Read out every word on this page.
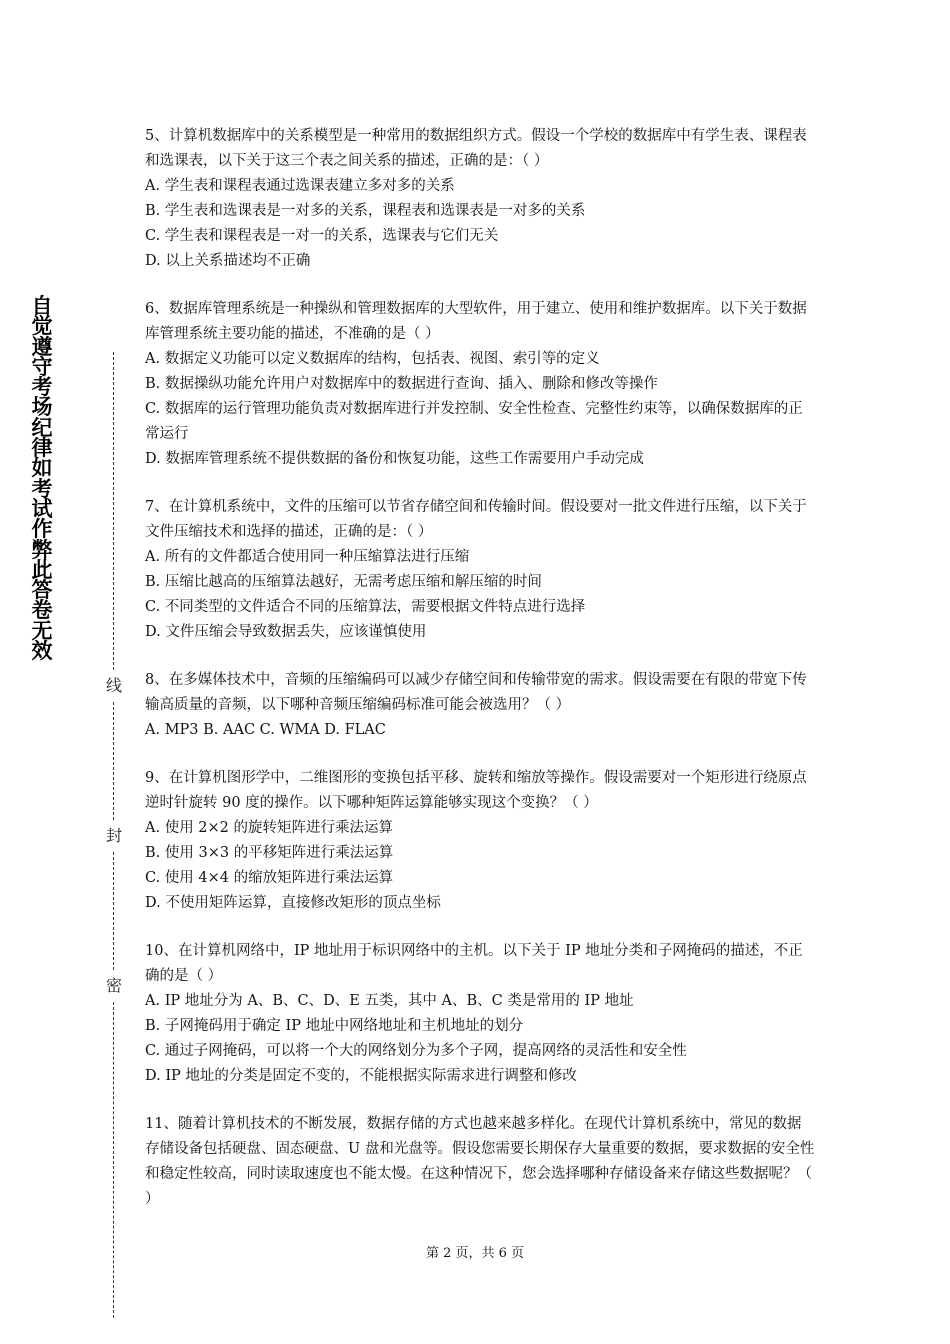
自觉遵守考场纪律如考试作弊此答卷无效
线
封
密

5、计算机数据库中的关系模型是一种常用的数据组织方式。假设一个学校的数据库中有学生表、课程表和选课表，以下关于这三个表之间关系的描述，正确的是：（ ）

A. 学生表和课程表通过选课表建立多对多的关系

B. 学生表和选课表是一对多的关系，课程表和选课表是一对多的关系

C. 学生表和课程表是一对一的关系，选课表与它们无关

D. 以上关系描述均不正确

6、数据库管理系统是一种操纵和管理数据库的大型软件，用于建立、使用和维护数据库。以下关于数据库管理系统主要功能的描述，不准确的是（ ）

A. 数据定义功能可以定义数据库的结构，包括表、视图、索引等的定义

B. 数据操纵功能允许用户对数据库中的数据进行查询、插入、删除和修改等操作

C. 数据库的运行管理功能负责对数据库进行并发控制、安全性检查、完整性约束等，以确保数据库的正常运行

D. 数据库管理系统不提供数据的备份和恢复功能，这些工作需要用户手动完成

7、在计算机系统中，文件的压缩可以节省存储空间和传输时间。假设要对一批文件进行压缩，以下关于文件压缩技术和选择的描述，正确的是：（ ）

A. 所有的文件都适合使用同一种压缩算法进行压缩

B. 压缩比越高的压缩算法越好，无需考虑压缩和解压缩的时间

C. 不同类型的文件适合不同的压缩算法，需要根据文件特点进行选择

D. 文件压缩会导致数据丢失，应该谨慎使用

8、在多媒体技术中，音频的压缩编码可以减少存储空间和传输带宽的需求。假设需要在有限的带宽下传输高质量的音频，以下哪种音频压缩编码标准可能会被选用？（ ）

A. MP3 B. AAC C. WMA D. FLAC

9、在计算机图形学中，二维图形的变换包括平移、旋转和缩放等操作。假设需要对一个矩形进行绕原点逆时针旋转 90 度的操作。以下哪种矩阵运算能够实现这个变换？（ ）

A. 使用 2×2 的旋转矩阵进行乘法运算

B. 使用 3×3 的平移矩阵进行乘法运算

C. 使用 4×4 的缩放矩阵进行乘法运算

D. 不使用矩阵运算，直接修改矩形的顶点坐标

10、在计算机网络中，IP 地址用于标识网络中的主机。以下关于 IP 地址分类和子网掩码的描述，不正确的是（ ）

A. IP 地址分为 A、B、C、D、E 五类，其中 A、B、C 类是常用的 IP 地址

B. 子网掩码用于确定 IP 地址中网络地址和主机地址的划分

C. 通过子网掩码，可以将一个大的网络划分为多个子网，提高网络的灵活性和安全性

D. IP 地址的分类是固定不变的，不能根据实际需求进行调整和修改

11、随着计算机技术的不断发展，数据存储的方式也越来越多样化。在现代计算机系统中，常见的数据存储设备包括硬盘、固态硬盘、U 盘和光盘等。假设您需要长期保存大量重要的数据，要求数据的安全性和稳定性较高，同时读取速度也不能太慢。在这种情况下，您会选择哪种存储设备来存储这些数据呢？（ ）

第 2 页，共 6 页
